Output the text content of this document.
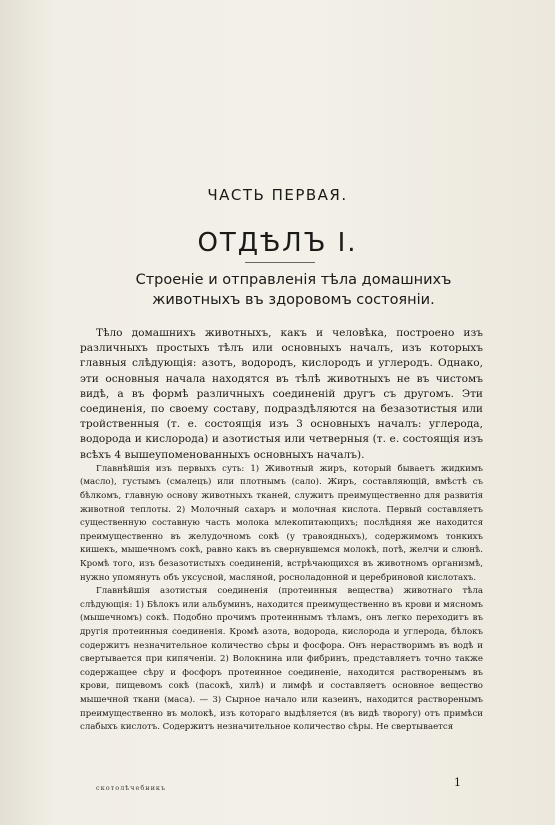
ЧАСТЬ ПЕРВАЯ.
ОТДѢЛЪ I.
Строеніе и отправленія тѣла домашнихъ животныхъ въ здоровомъ состояніи.

Тѣло домашнихъ животныхъ, какъ и человѣка, построено изъ различныхъ простыхъ тѣлъ или основныхъ началъ, изъ которыхъ главныя слѣдующія: азотъ, водородъ, кислородъ и углеродъ. Однако, эти основныя начала находятся въ тѣлѣ животныхъ не въ чистомъ видѣ, а въ формѣ различныхъ соединеній другъ съ другомъ. Эти соединенія, по своему составу, подраздѣляются на безазотистыя или тройственныя (т. е. состоящія изъ 3 основныхъ началъ: углерода, водорода и кислорода) и азотистыя или четверныя (т. е. состоящія изъ всѣхъ 4 вышеупоменованныхъ основныхъ началъ).

Главнѣйшія изъ первыхъ суть: 1) Животный жиръ, который бываетъ жидкимъ (масло), густымъ (смалецъ) или плотнымъ (сало). Жиръ, составляющій, вмѣстѣ съ бѣлкомъ, главную основу животныхъ тканей, служитъ преимущественно для развитія животной теплоты. 2) Молочный сахаръ и молочная кислота. Первый составляетъ существенную составную часть молока млекопитающихъ; послѣдняя же находится преимущественно въ желудочномъ сокѣ (у травоядныхъ), содержимомъ тонкихъ кишекъ, мышечномъ сокѣ, равно какъ въ свернувшемся молокѣ, потѣ, желчи и слюнѣ. Кромѣ того, изъ безазотистыхъ соединеній, встрѣчающихся въ животномъ организмѣ, нужно упомянуть объ уксусной, масляной, росноладонной и церебриновой кислотахъ.

Главнѣйшія азотистыя соединенія (протеинныя вещества) животнаго тѣла слѣдующія: 1) Бѣлокъ или альбуминъ, находится преимущественно въ крови и мясномъ (мышечномъ) сокѣ. Подобно прочимъ протеиннымъ тѣламъ, онъ легко переходитъ въ другія протеинныя соединенія. Кромѣ азота, водорода, кислорода и углерода, бѣлокъ содержитъ незначительное количество сѣры и фосфора. Онъ нерастворимъ въ водѣ и свертывается при кипяченіи. 2) Волокнина или фибринъ, представляетъ точно также содержащее сѣру и фосфоръ протеинное соединеніе, находится растворенымъ въ крови, пищевомъ сокѣ (пасокѣ, хилѣ) и лимфѣ и составляетъ основное вещество мышечной ткани (маса). — 3) Сырное начало или казеинъ, находится растворенымъ преимущественно въ молокѣ, изъ котораго выдѣляется (въ видѣ творогу) отъ примѣси слабыхъ кислотъ. Содержитъ незначительное количество сѣры. Не свертывается

скотолѣчебникъ	1
